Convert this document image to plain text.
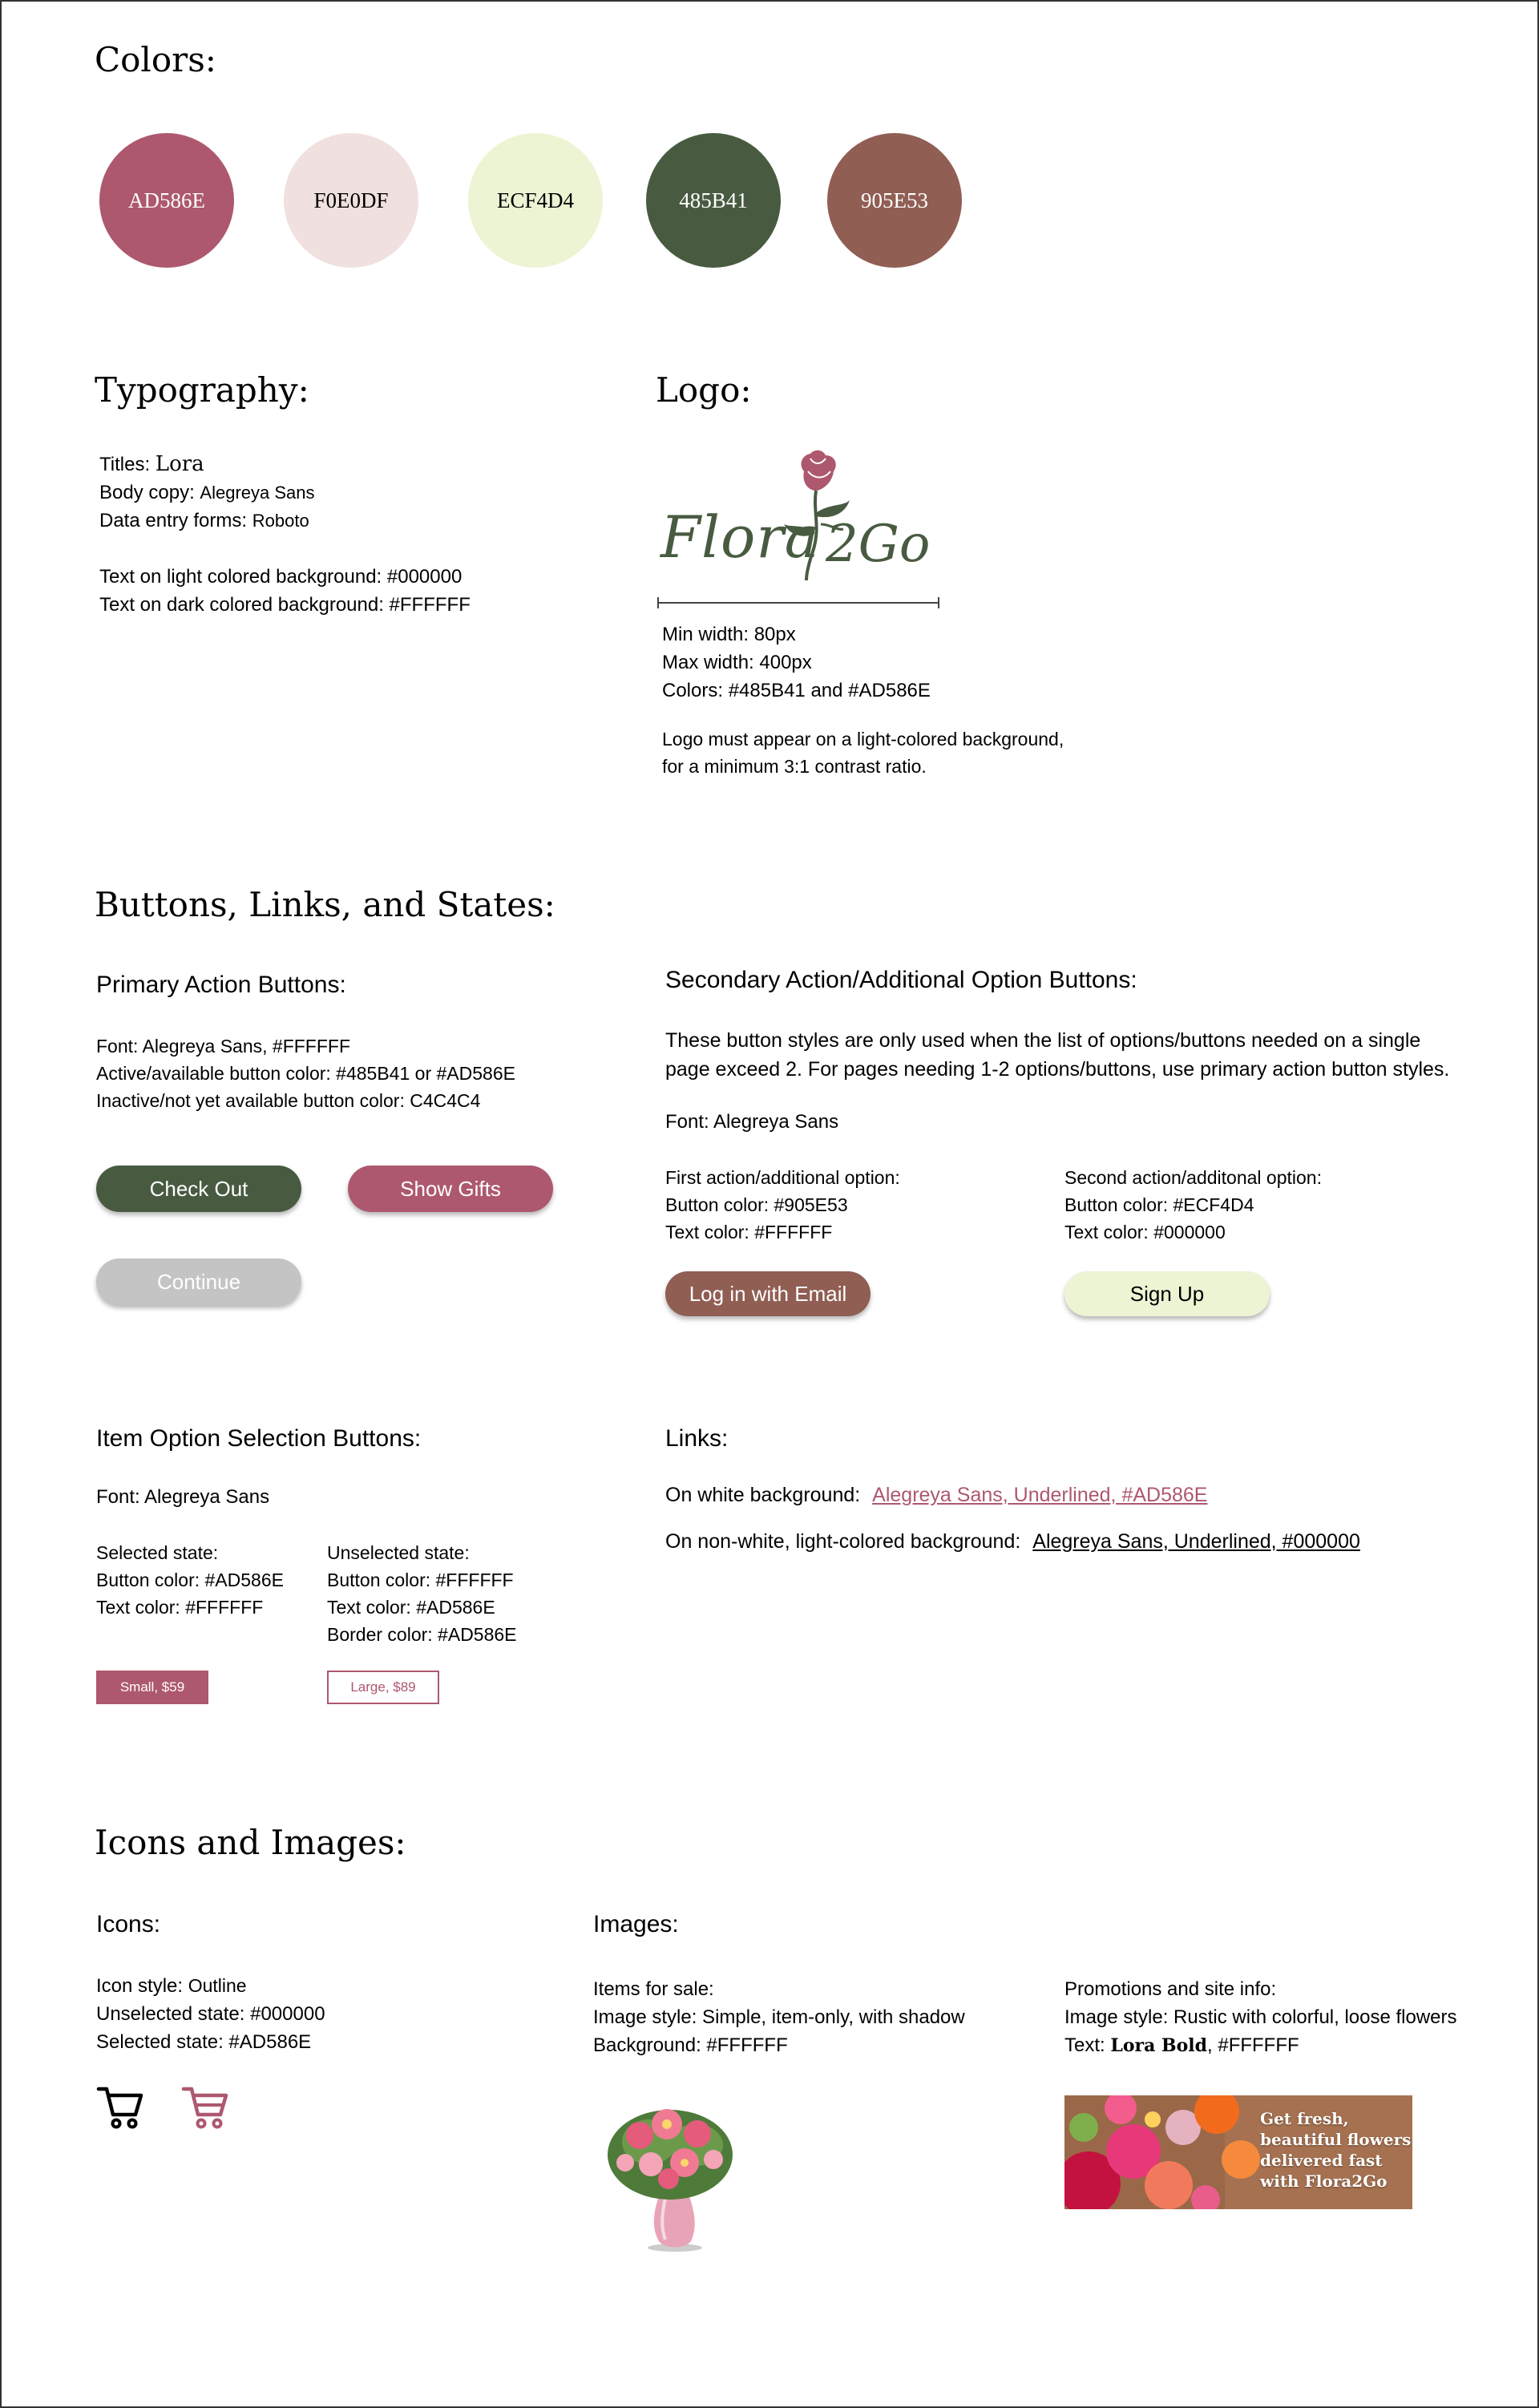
Colors:
AD586E	F0E0DF	ECF4D4	485B41	905E53
Typography:
Titles: Lora
Body copy: Alegreya Sans
Data entry forms: Roboto
Text on light colored background: #000000
Text on dark colored background: #FFFFFF
Logo:
Flora 2Go
Min width: 80px
Max width: 400px
Colors: #485B41 and #AD586E
Logo must appear on a light-colored background,
for a minimum 3:1 contrast ratio.
Buttons, Links, and States:
Primary Action Buttons:
Font: Alegreya Sans, #FFFFFF
Active/available button color: #485B41 or #AD586E
Inactive/not yet available button color: C4C4C4
Check Out	Show Gifts
Continue
Secondary Action/Additional Option Buttons:
These button styles are only used when the list of options/buttons needed on a single
page exceed 2. For pages needing 1-2 options/buttons, use primary action button styles.
Font: Alegreya Sans
First action/additional option:
Button color: #905E53
Text color: #FFFFFF
Second action/additonal option:
Button color: #ECF4D4
Text color: #000000
Log in with Email	Sign Up
Item Option Selection Buttons:
Font: Alegreya Sans
Selected state:
Button color: #AD586E
Text color: #FFFFFF
Unselected state:
Button color: #FFFFFF
Text color: #AD586E
Border color: #AD586E
Small, $59	Large, $89
Links:
On white background: Alegreya Sans, Underlined, #AD586E
On non-white, light-colored background: Alegreya Sans, Underlined, #000000
Icons and Images:
Icons:
Icon style: Outline
Unselected state: #000000
Selected state: #AD586E
Images:
Items for sale:
Image style: Simple, item-only, with shadow
Background: #FFFFFF
Promotions and site info:
Image style: Rustic with colorful, loose flowers
Text: Lora Bold, #FFFFFF
Get fresh,
beautiful flowers
delivered fast
with Flora2Go
